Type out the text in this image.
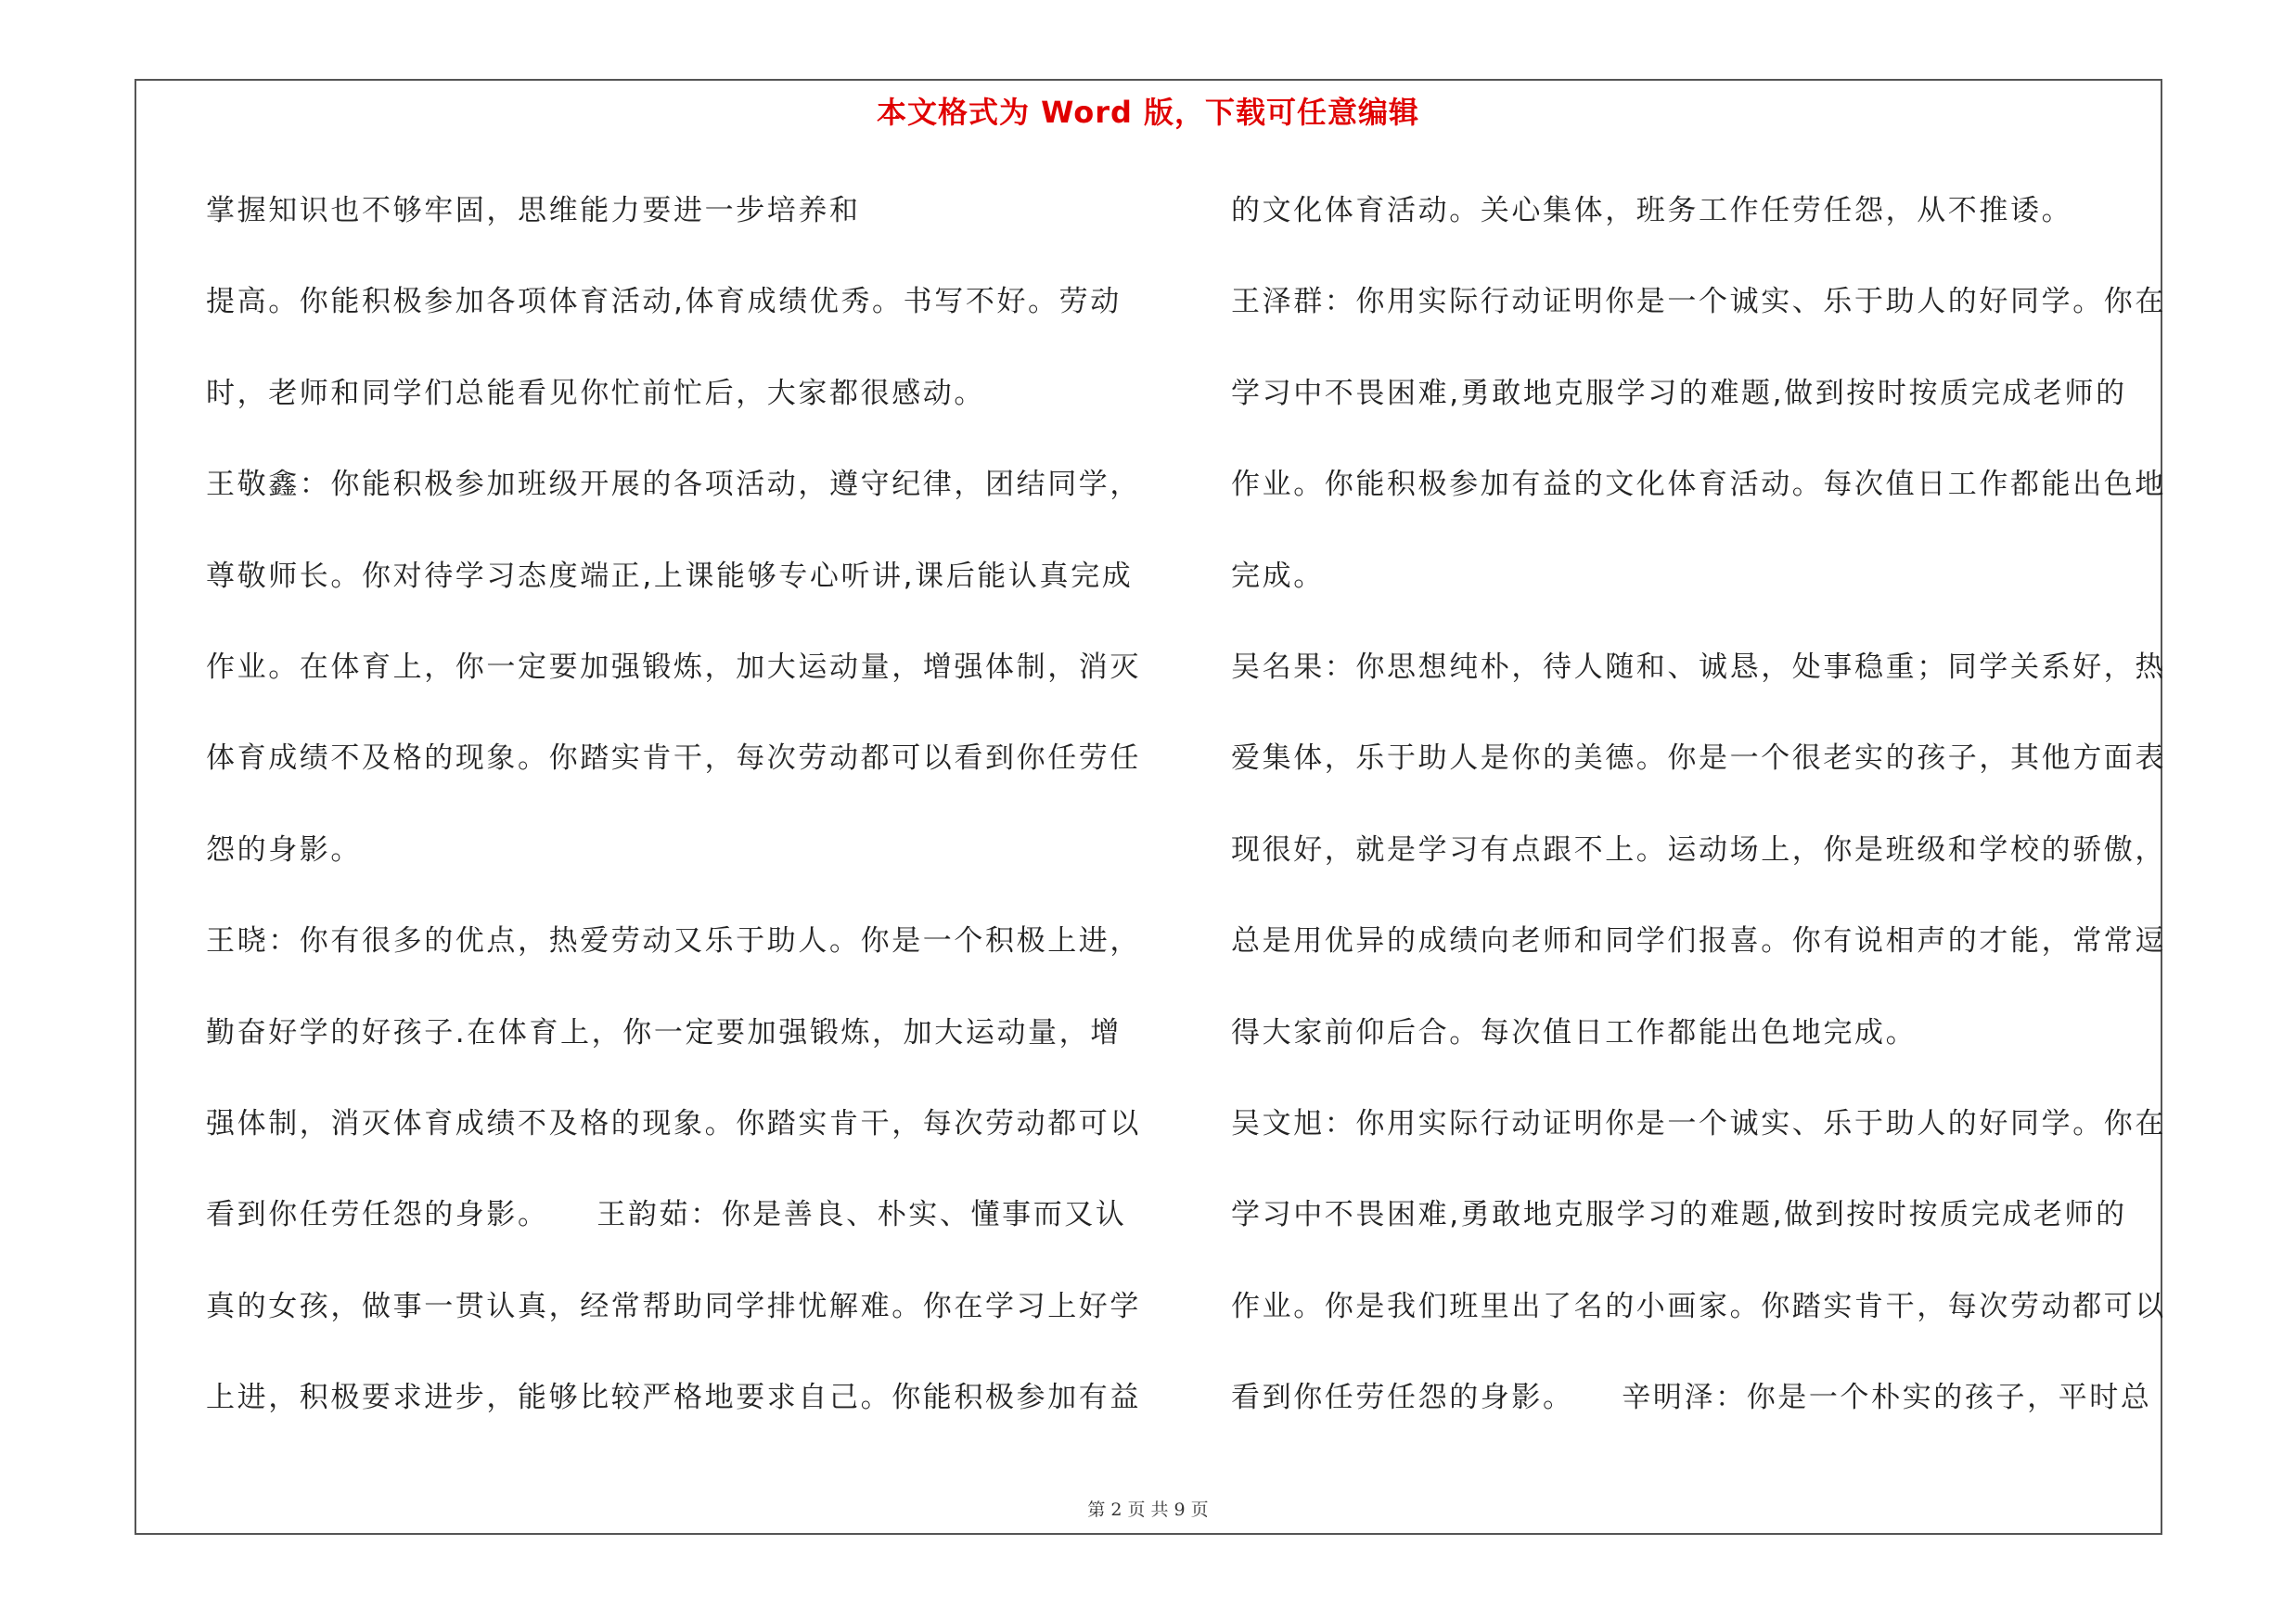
本文格式为 Word 版，下载可任意编辑
掌握知识也不够牢固，思维能力要进一步培养和
提高。你能积极参加各项体育活动,体育成绩优秀。书写不好。劳动
时，老师和同学们总能看见你忙前忙后，大家都很感动。
王敬鑫：你能积极参加班级开展的各项活动，遵守纪律，团结同学，
尊敬师长。你对待学习态度端正,上课能够专心听讲,课后能认真完成
作业。在体育上，你一定要加强锻炼，加大运动量，增强体制，消灭
体育成绩不及格的现象。你踏实肯干，每次劳动都可以看到你任劳任
怨的身影。
王晓：你有很多的优点，热爱劳动又乐于助人。你是一个积极上进，
勤奋好学的好孩子.在体育上，你一定要加强锻炼，加大运动量，增
强体制，消灭体育成绩不及格的现象。你踏实肯干，每次劳动都可以
看到你任劳任怨的身影。　　王韵茹：你是善良、朴实、懂事而又认
真的女孩，做事一贯认真，经常帮助同学排忧解难。你在学习上好学
上进，积极要求进步，能够比较严格地要求自己。你能积极参加有益
的文化体育活动。关心集体，班务工作任劳任怨，从不推诿。
王泽群：你用实际行动证明你是一个诚实、乐于助人的好同学。你在
学习中不畏困难,勇敢地克服学习的难题,做到按时按质完成老师的
作业。你能积极参加有益的文化体育活动。每次值日工作都能出色地
完成。
吴名果：你思想纯朴，待人随和、诚恳，处事稳重；同学关系好，热
爱集体，乐于助人是你的美德。你是一个很老实的孩子，其他方面表
现很好，就是学习有点跟不上。运动场上，你是班级和学校的骄傲，
总是用优异的成绩向老师和同学们报喜。你有说相声的才能，常常逗
得大家前仰后合。每次值日工作都能出色地完成。
吴文旭：你用实际行动证明你是一个诚实、乐于助人的好同学。你在
学习中不畏困难,勇敢地克服学习的难题,做到按时按质完成老师的
作业。你是我们班里出了名的小画家。你踏实肯干，每次劳动都可以
看到你任劳任怨的身影。　　辛明泽：你是一个朴实的孩子，平时总
第 2 页 共 9 页
